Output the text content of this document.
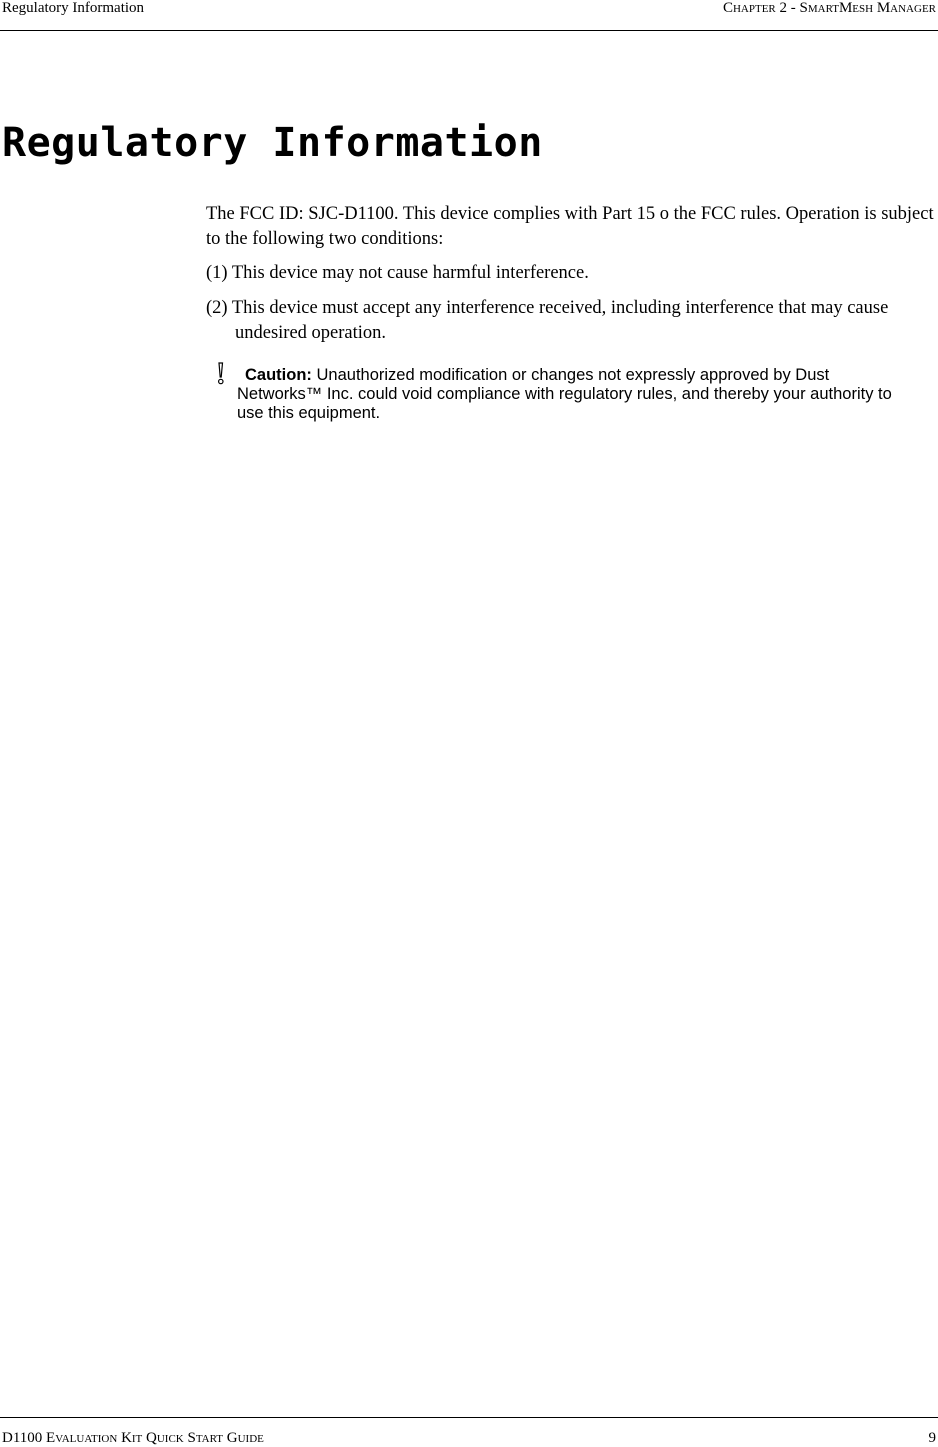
Regulatory Information	Chapter 2 - SmartMesh Manager
Regulatory Information

The FCC ID: SJC-D1100. This device complies with Part 15 o the FCC rules. Operation is subject to the following two conditions:

(1) This device may not cause harmful interference.

(2) This device must accept any interference received, including interference that may cause undesired operation.

Caution: Unauthorized modification or changes not expressly approved by Dust Networks™ Inc. could void compliance with regulatory rules, and thereby your authority to use this equipment.

D1100 Evaluation Kit Quick Start Guide	9
